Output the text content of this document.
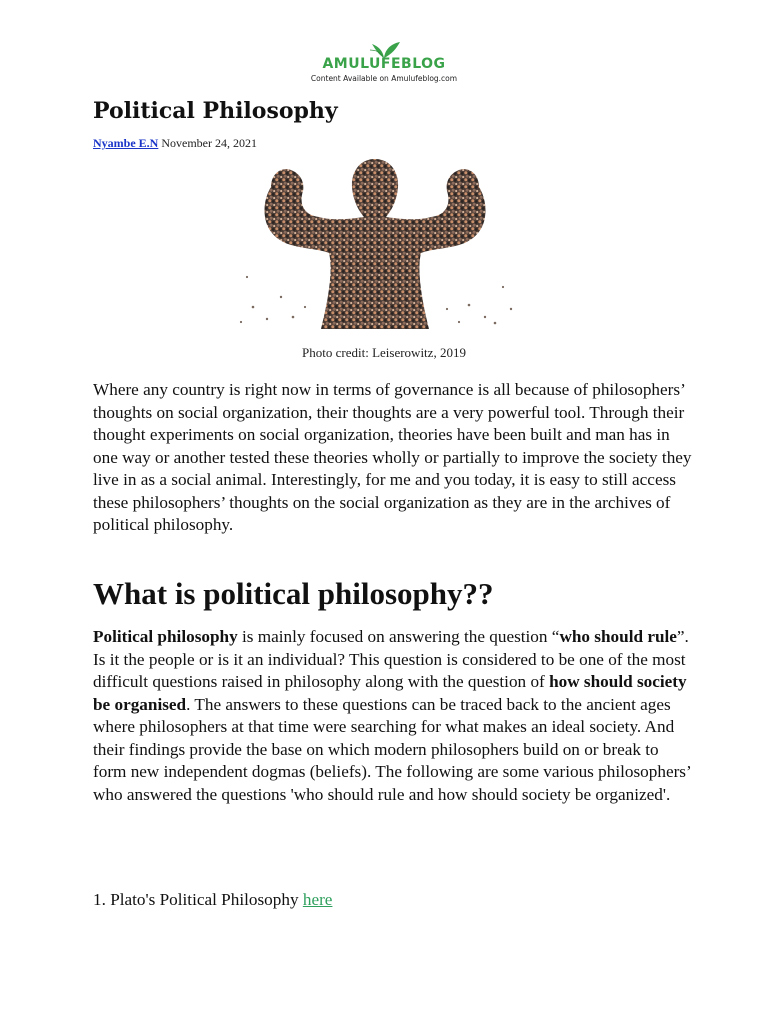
AMULUFEBLOG
Content Available on Amulufeblog.com
Political Philosophy
Nyambe E.N November 24, 2021
Photo credit: Leiserowitz, 2019

Where any country is right now in terms of governance is all because of philosophers’ thoughts on social organization, their thoughts are a very powerful tool. Through their thought experiments on social organization, theories have been built and man has in one way or another tested these theories wholly or partially to improve the society they live in as a social animal. Interestingly, for me and you today, it is easy to still access these philosophers’ thoughts on the social organization as they are in the archives of political philosophy.

What is political philosophy??

Political philosophy is mainly focused on answering the question “who should rule”. Is it the people or is it an individual? This question is considered to be one of the most difficult questions raised in philosophy along with the question of how should society be organised. The answers to these questions can be traced back to the ancient ages where philosophers at that time were searching for what makes an ideal society. And their findings provide the base on which modern philosophers build on or break to form new independent dogmas (beliefs). The following are some various philosophers’ who answered the questions 'who should rule and how should society be organized'.

1. Plato's Political Philosophy here
